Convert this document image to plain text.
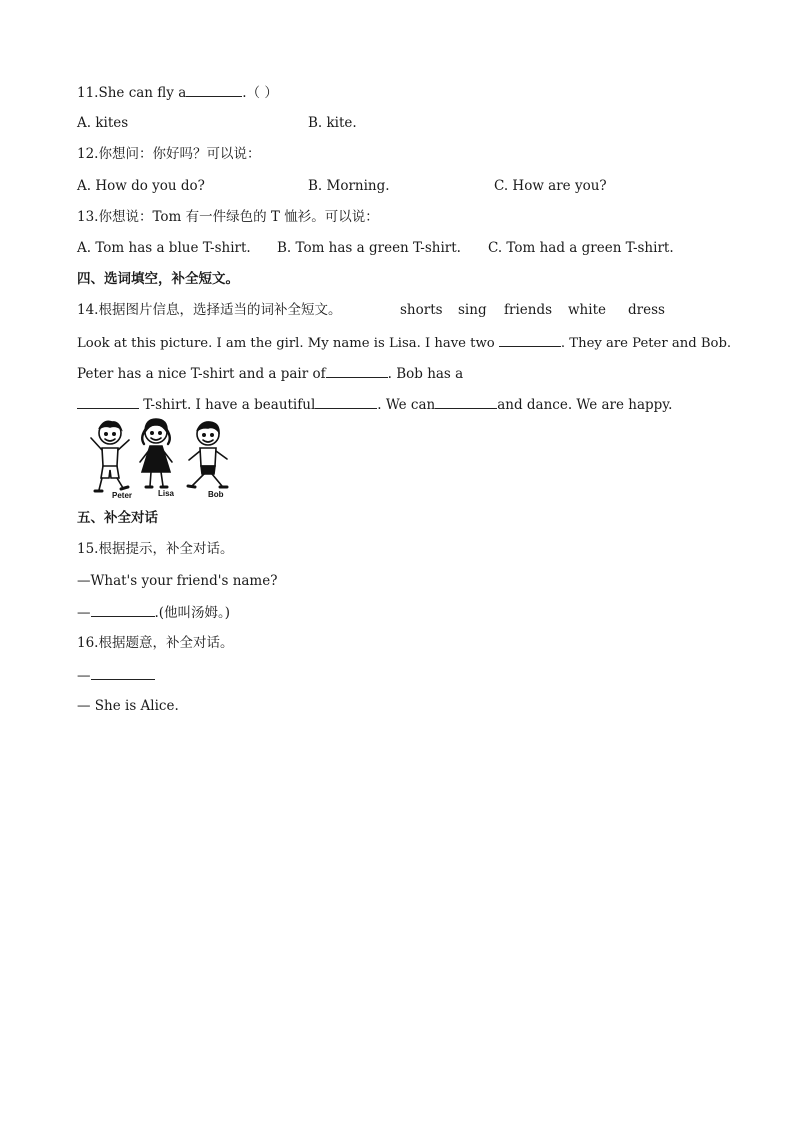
11.She can fly a	.（ ）
A. kites	B. kite.
12.你想问：你好吗？可以说：
A. How do you do?	B. Morning.	C. How are you?
13.你想说：Tom 有一件绿色的 T 恤衫。可以说：
A. Tom has a blue T-shirt. B. Tom has a green T-shirt. C. Tom had a green T-shirt.
四、选词填空，补全短文。
14.根据图片信息，选择适当的词补全短文。	shorts sing friends white dress
Look at this picture. I am the girl. My name is Lisa. I have two	. They are Peter and Bob.
Peter has a nice T-shirt and a pair of	. Bob has a
T-shirt. I have a beautiful	. We can	and dance. We are happy.
Peter	Lisa	Bob
五、补全对话
15.根据提示，补全对话。
—What's your friend's name?
—	.(他叫汤姆。)
16.根据题意，补全对话。
—
— She is Alice.
